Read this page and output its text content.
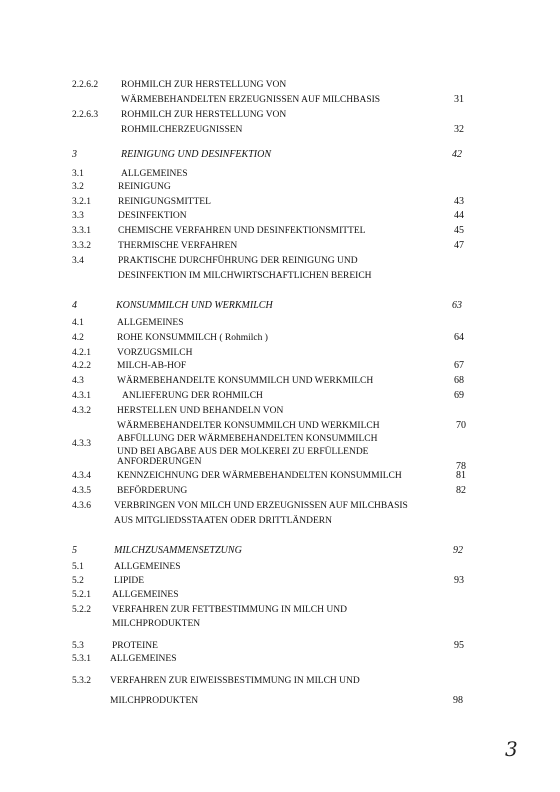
2.2.6.2 ROHMILCH ZUR HERSTELLUNG VON
WÄRMEBEHANDELTEN ERZEUGNISSEN AUF MILCHBASIS	31
2.2.6.3 ROHMILCH ZUR HERSTELLUNG VON
ROHMILCHERZEUGNISSEN	32
3	REINIGUNG UND DESINFEKTION	42
3.1	ALLGEMEINES
3.2	REINIGUNG
3.2.1	REINIGUNGSMITTEL	43
3.3	DESINFEKTION	44
3.3.1	CHEMISCHE VERFAHREN UND DESINFEKTIONSMITTEL	45
3.3.2	THERMISCHE VERFAHREN	47
3.4	PRAKTISCHE DURCHFÜHRUNG DER REINIGUNG UND
DESINFEKTION IM MILCHWIRTSCHAFTLICHEN BEREICH
4	KONSUMMILCH UND WERKMILCH	63
4.1	ALLGEMEINES
4.2	ROHE KONSUMMILCH ( Rohmilch )	64
4.2.1	VORZUGSMILCH
4.2.2	MILCH-AB-HOF	67
4.3	WÄRMEBEHANDELTE KONSUMMILCH UND WERKMILCH	68
4.3.1	ANLIEFERUNG DER ROHMILCH	69
4.3.2	HERSTELLEN UND BEHANDELN VON
WÄRMEBEHANDELTER KONSUMMILCH UND WERKMILCH	70
4.3.3	ABFÜLLUNG DER WÄRMEBEHANDELTEN KONSUMMILCH
UND BEI ABGABE AUS DER MOLKEREI ZU ERFÜLLENDE
ANFORDERUNGEN	78
4.3.4	KENNZEICHNUNG DER WÄRMEBEHANDELTEN KONSUMMILCH	81
4.3.5	BEFÖRDERUNG	82
4.3.6 VERBRINGEN VON MILCH UND ERZEUGNISSEN AUF MILCHBASIS
AUS MITGLIEDSSTAATEN ODER DRITTLÄNDERN
5	MILCHZUSAMMENSETZUNG	92
5.1	ALLGEMEINES
5.2	LIPIDE	93
5.2.1 ALLGEMEINES
5.2.2 VERFAHREN ZUR FETTBESTIMMUNG IN MILCH UND
MILCHPRODUKTEN
5.3	PROTEINE	95
5.3.1 ALLGEMEINES
5.3.2 VERFAHREN ZUR EIWEISSBESTIMMUNG IN MILCH UND
MILCHPRODUKTEN	98
3
